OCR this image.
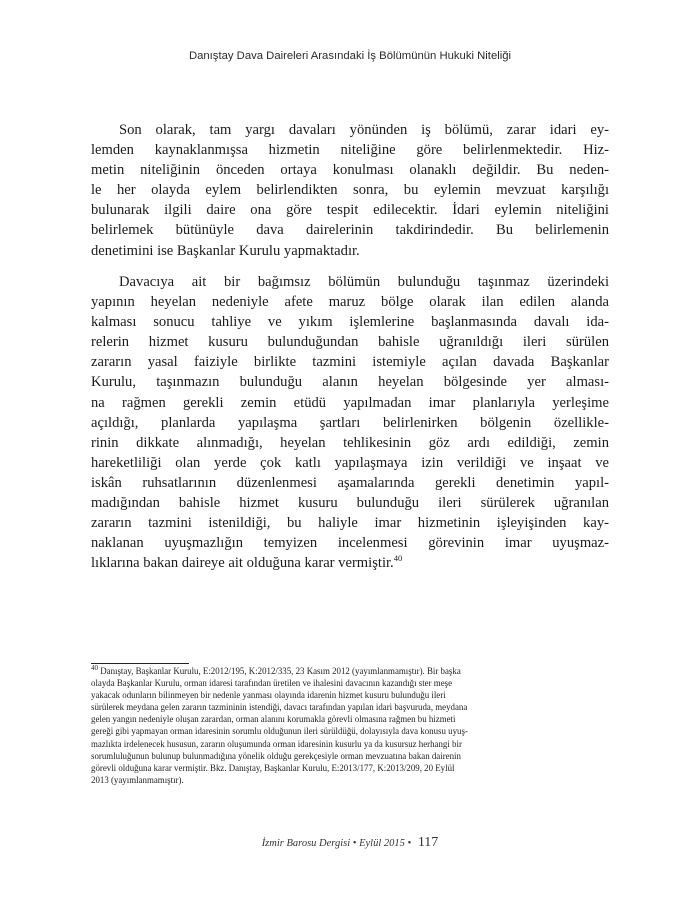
Danıştay Dava Daireleri Arasındaki İş Bölümünün Hukuki Niteliği
Son olarak, tam yargı davaları yönünden iş bölümü, zarar idari ey-
lemden kaynaklanmışsa hizmetin niteliğine göre belirlenmektedir. Hiz-
metin niteliğinin önceden ortaya konulması olanaklı değildir. Bu neden-
le her olayda eylem belirlendikten sonra, bu eylemin mevzuat karşılığı
bulunarak ilgili daire ona göre tespit edilecektir. İdari eylemin niteliğini
belirlemek bütünüyle dava dairelerinin takdirindedir. Bu belirlemenin
denetimini ise Başkanlar Kurulu yapmaktadır.
Davacıya ait bir bağımsız bölümün bulunduğu taşınmaz üzerindeki
yapının heyelan nedeniyle afete maruz bölge olarak ilan edilen alanda
kalması sonucu tahliye ve yıkım işlemlerine başlanmasında davalı ida-
relerin hizmet kusuru bulunduğundan bahisle uğranıldığı ileri sürülen
zararın yasal faiziyle birlikte tazmini istemiyle açılan davada Başkanlar
Kurulu, taşınmazın bulunduğu alanın heyelan bölgesinde yer alması-
na rağmen gerekli zemin etüdü yapılmadan imar planlarıyla yerleşime
açıldığı, planlarda yapılaşma şartları belirlenirken bölgenin özellikle-
rinin dikkate alınmadığı, heyelan tehlikesinin göz ardı edildiği, zemin
hareketliliği olan yerde çok katlı yapılaşmaya izin verildiği ve inşaat ve
iskân ruhsatlarının düzenlenmesi aşamalarında gerekli denetimin yapıl-
madığından bahisle hizmet kusuru bulunduğu ileri sürülerek uğranılan
zararın tazmini istenildiği, bu haliyle imar hizmetinin işleyişinden kay-
naklanan uyuşmazlığın temyizen incelenmesi görevinin imar uyuşmaz-
lıklarına bakan daireye ait olduğuna karar vermiştir.$^{40}$
$^{40}$ Danıştay, Başkanlar Kurulu, E:2012/195, K:2012/335, 23 Kasım 2012 (yayımlanmamıştır). Bir başka
olayda Başkanlar Kurulu, orman idaresi tarafından üretilen ve ihalesini davacının kazandığı ster meşe
yakacak odunların bilinmeyen bir nedenle yanması olayında idarenin hizmet kusuru bulunduğu ileri
sürülerek meydana gelen zararın tazmininin istendiği, davacı tarafından yapılan idari başvuruda, meydana
gelen yangın nedeniyle oluşan zarardan, orman alanını korumakla görevli olmasına rağmen bu hizmeti
gereği gibi yapmayan orman idaresinin sorumlu olduğunun ileri sürüldüğü, dolayısıyla dava konusu uyuş-
mazlıkta irdelenecek hususun, zararın oluşumunda orman idaresinin kusurlu ya da kusursuz herhangi bir
sorumluluğunun bulunup bulunmadığına yönelik olduğu gerekçesiyle orman mevzuatına bakan dairenin
görevli olduğuna karar vermiştir. Bkz. Danıştay, Başkanlar Kurulu, E:2013/177, K:2013/209, 20 Eylül
2013 (yayımlanmamıştır).
İzmir Barosu Dergisi • Eylül 2015 • 117
